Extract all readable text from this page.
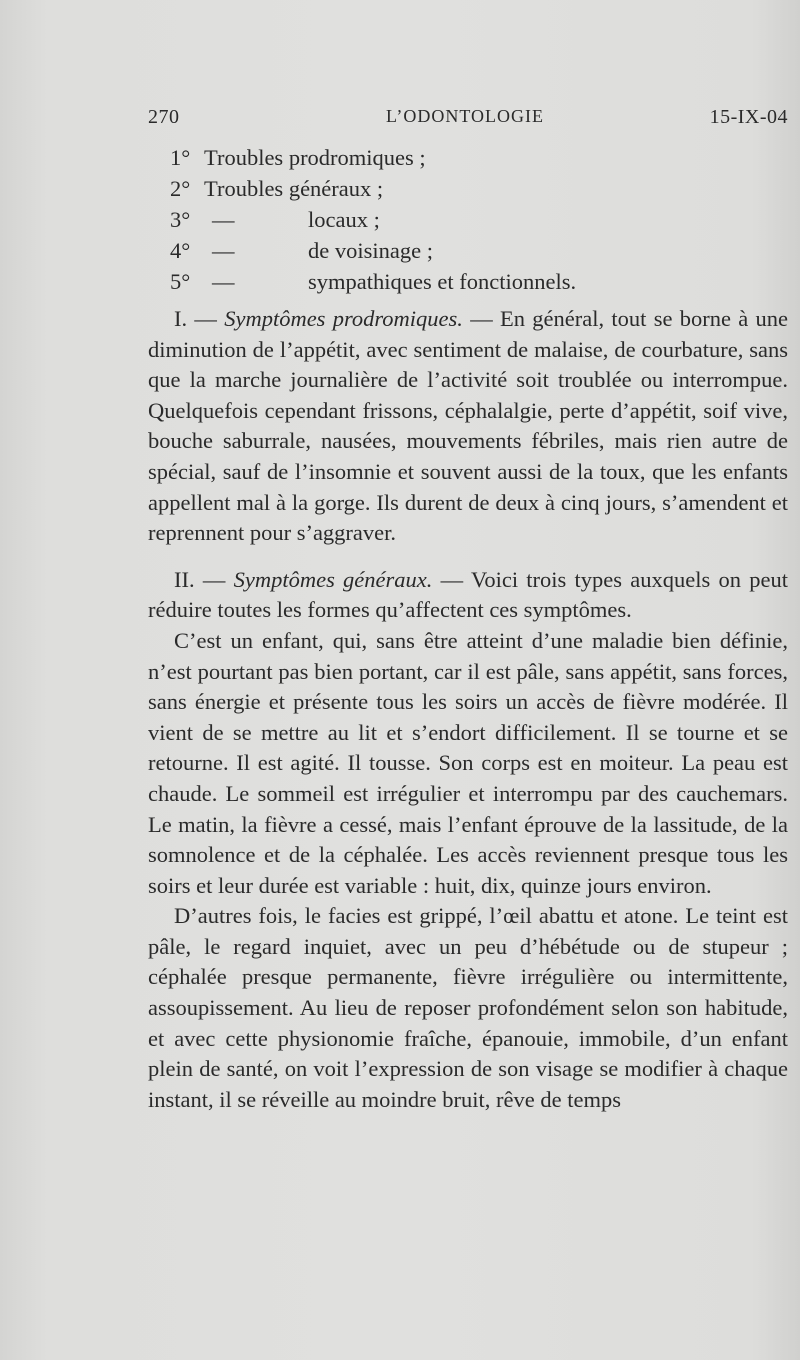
270	L’ODONTOLOGIE	15-IX-04
1° Troubles prodromiques ;
2° Troubles généraux ;
3° —	locaux ;
4° —	de voisinage ;
5° —	sympathiques et fonctionnels.

I. — Symptômes prodromiques. — En général, tout se borne à une diminution de l’appétit, avec sentiment de malaise, de courbature, sans que la marche journalière de l’activité soit troublée ou interrompue. Quelquefois cependant frissons, céphalalgie, perte d’appétit, soif vive, bouche saburrale, nausées, mouvements fébriles, mais rien autre de spécial, sauf de l’insomnie et souvent aussi de la toux, que les enfants appellent mal à la gorge. Ils durent de deux à cinq jours, s’amendent et reprennent pour s’aggraver.

II. — Symptômes généraux. — Voici trois types auxquels on peut réduire toutes les formes qu’affectent ces symptômes.

C’est un enfant, qui, sans être atteint d’une maladie bien définie, n’est pourtant pas bien portant, car il est pâle, sans appétit, sans forces, sans énergie et présente tous les soirs un accès de fièvre modérée. Il vient de se mettre au lit et s’endort difficilement. Il se tourne et se retourne. Il est agité. Il tousse. Son corps est en moiteur. La peau est chaude. Le sommeil est irrégulier et interrompu par des cauchemars. Le matin, la fièvre a cessé, mais l’enfant éprouve de la lassitude, de la somnolence et de la céphalée. Les accès reviennent presque tous les soirs et leur durée est variable : huit, dix, quinze jours environ.

D’autres fois, le facies est grippé, l’œil abattu et atone. Le teint est pâle, le regard inquiet, avec un peu d’hébétude ou de stupeur ; céphalée presque permanente, fièvre irrégulière ou intermittente, assoupissement. Au lieu de reposer profondément selon son habitude, et avec cette physionomie fraîche, épanouie, immobile, d’un enfant plein de santé, on voit l’expression de son visage se modifier à chaque instant, il se réveille au moindre bruit, rêve de temps
